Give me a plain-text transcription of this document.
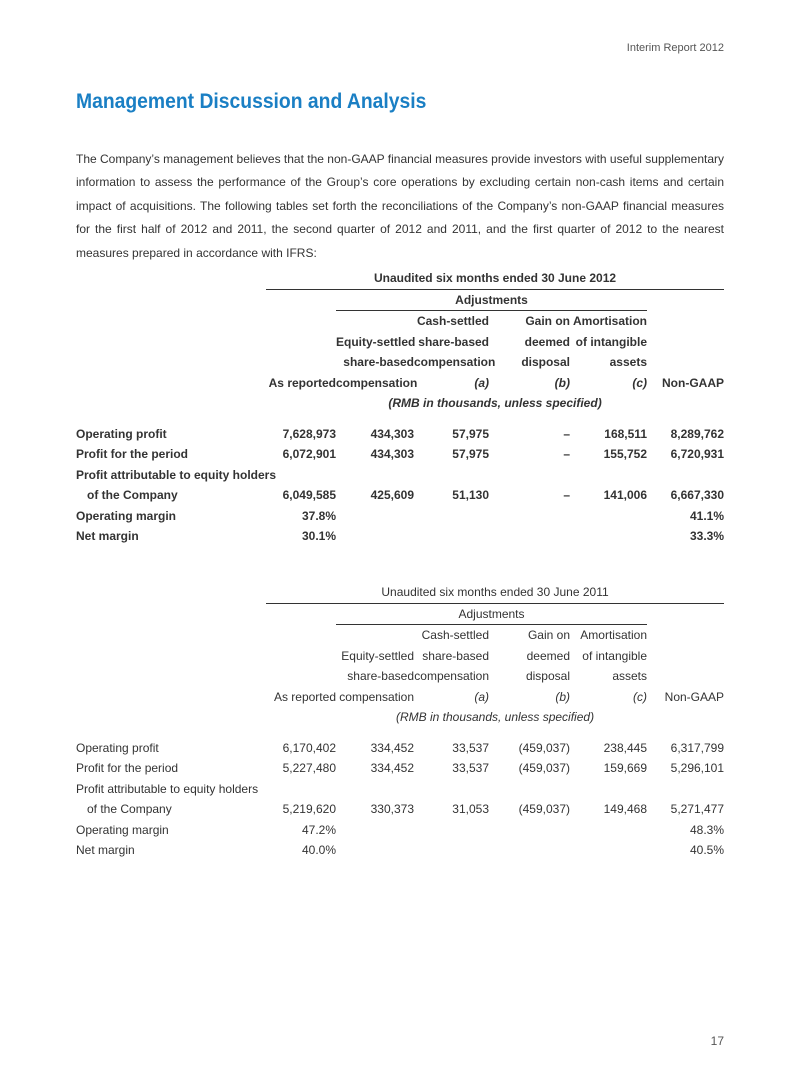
Interim Report 2012
Management Discussion and Analysis

The Company’s management believes that the non-GAAP financial measures provide investors with useful supplementary information to assess the performance of the Group’s core operations by excluding certain non-cash items and certain impact of acquisitions. The following tables set forth the reconciliations of the Company’s non-GAAP financial measures for the first half of 2012 and 2011, the second quarter of 2012 and 2011, and the first quarter of 2012 to the nearest measures prepared in accordance with IFRS:

	Unaudited six months ended 30 June 2012					
		Adjustments				
			Cash-settled	Gain on	Amortisation	
		Equity-settled	share-based	deemed	of intangible	
		share-based	compensation	disposal	assets	
	As reported	compensation	(a)	(b)	(c)	Non-GAAP
	(RMB in thousands, unless specified)					

Operating profit	7,628,973	434,303	57,975	–	168,511	8,289,762
Profit for the period	6,072,901	434,303	57,975	–	155,752	6,720,931
Profit attributable to equity holders						
of the Company	6,049,585	425,609	51,130	–	141,006	6,667,330
Operating margin	37.8%					41.1%
Net margin	30.1%					33.3%
	Unaudited six months ended 30 June 2011					
		Adjustments				
			Cash-settled	Gain on	Amortisation	
		Equity-settled	share-based	deemed	of intangible	
		share-based	compensation	disposal	assets	
	As reported	compensation	(a)	(b)	(c)	Non-GAAP
	(RMB in thousands, unless specified)					

Operating profit	6,170,402	334,452	33,537	(459,037)	238,445	6,317,799
Profit for the period	5,227,480	334,452	33,537	(459,037)	159,669	5,296,101
Profit attributable to equity holders						
of the Company	5,219,620	330,373	31,053	(459,037)	149,468	5,271,477
Operating margin	47.2%					48.3%
Net margin	40.0%					40.5%
17
